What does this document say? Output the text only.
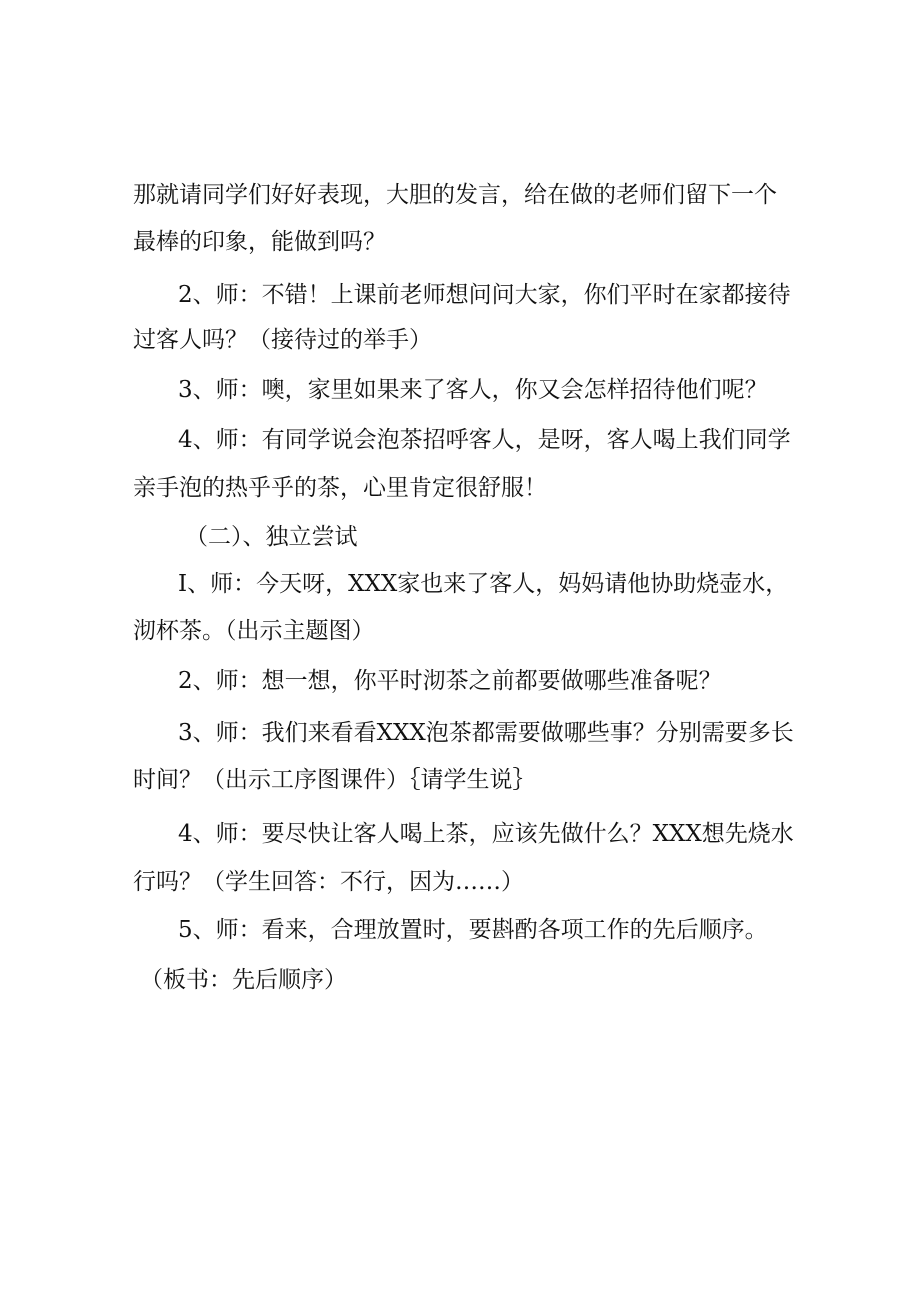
那就请同学们好好表现，大胆的发言，给在做的老师们留下一个
最棒的印象，能做到吗？
2、师：不错！上课前老师想问问大家，你们平时在家都接待
过客人吗？（接待过的举手）
3、师：噢，家里如果来了客人，你又会怎样招待他们呢？
4、师：有同学说会泡茶招呼客人，是呀，客人喝上我们同学
亲手泡的热乎乎的茶，心里肯定很舒服！
（二）、独立尝试
I、师：今天呀，XXX家也来了客人，妈妈请他协助烧壶水，
沏杯茶。（出示主题图）
2、师：想一想，你平时沏茶之前都要做哪些准备呢？
3、师：我们来看看XXX泡茶都需要做哪些事？分别需要多长
时间？（出示工序图课件）｛请学生说｝
4、师：要尽快让客人喝上茶，应该先做什么？XXX想先烧水
行吗？（学生回答：不行，因为……）
5、师：看来，合理放置时，要斟酌各项工作的先后顺序。
（板书：先后顺序）
